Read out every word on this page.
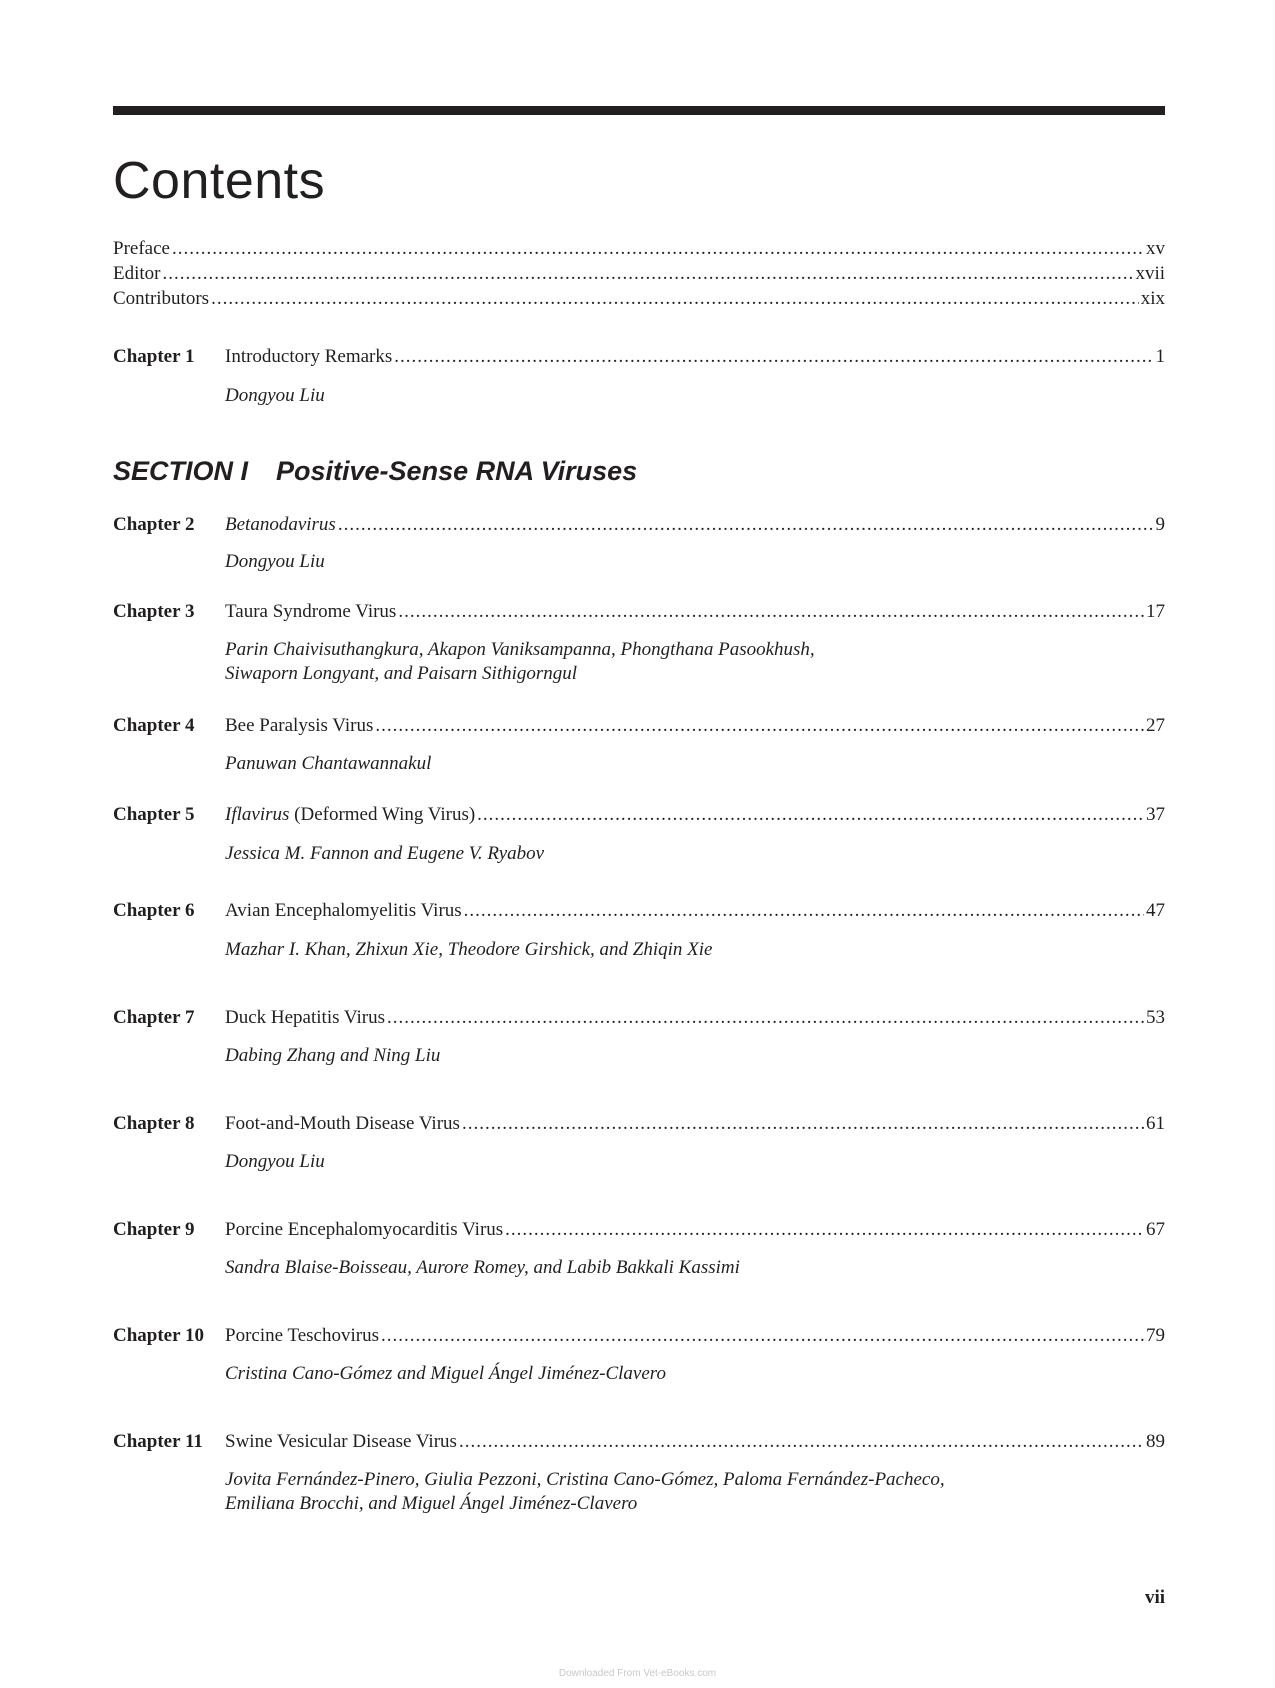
Contents
Preface .....	xv
Editor .....	xvii
Contributors .....	xix
Chapter 1 Introductory Remarks .....	1
Dongyou Liu
SECTION I Positive-Sense RNA Viruses
Chapter 2 Betanodavirus .....	9
Dongyou Liu
Chapter 3 Taura Syndrome Virus .....	17
Parin Chaivisuthangkura, Akapon Vaniksampanna, Phongthana Pasookhush,
Siwaporn Longyant, and Paisarn Sithigorngul
Chapter 4 Bee Paralysis Virus .....	27
Panuwan Chantawannakul
Chapter 5 Iflavirus (Deformed Wing Virus) .....	37
Jessica M. Fannon and Eugene V. Ryabov
Chapter 6 Avian Encephalomyelitis Virus .....	47
Mazhar I. Khan, Zhixun Xie, Theodore Girshick, and Zhiqin Xie
Chapter 7 Duck Hepatitis Virus .....	53
Dabing Zhang and Ning Liu
Chapter 8 Foot-and-Mouth Disease Virus .....	61
Dongyou Liu
Chapter 9 Porcine Encephalomyocarditis Virus .....	67
Sandra Blaise-Boisseau, Aurore Romey, and Labib Bakkali Kassimi
Chapter 10 Porcine Teschovirus .....	79
Cristina Cano-Gómez and Miguel Ángel Jiménez-Clavero
Chapter 11 Swine Vesicular Disease Virus .....	89
Jovita Fernández-Pinero, Giulia Pezzoni, Cristina Cano-Gómez, Paloma Fernández-Pacheco,
Emiliana Brocchi, and Miguel Ángel Jiménez-Clavero
vii
Downloaded From Vet-eBooks.com
